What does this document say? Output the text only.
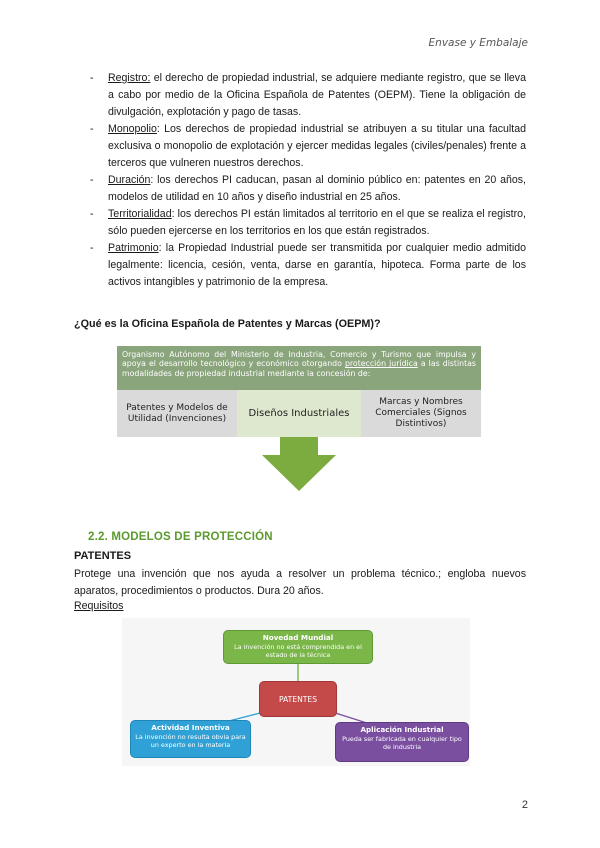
Envase y Embalaje
- Registro: el derecho de propiedad industrial, se adquiere mediante registro, que se lleva a cabo por medio de la Oficina Española de Patentes (OEPM). Tiene la obligación de divulgación, explotación y pago de tasas.
- Monopolio: Los derechos de propiedad industrial se atribuyen a su titular una facultad exclusiva o monopolio de explotación y ejercer medidas legales (civiles/penales) frente a terceros que vulneren nuestros derechos.
- Duración: los derechos PI caducan, pasan al dominio público en: patentes en 20 años, modelos de utilidad en 10 años y diseño industrial en 25 años.
- Territorialidad: los derechos PI están limitados al territorio en el que se realiza el registro, sólo pueden ejercerse en los territorios en los que están registrados.
- Patrimonio: la Propiedad Industrial puede ser transmitida por cualquier medio admitido legalmente: licencia, cesión, venta, darse en garantía, hipoteca. Forma parte de los activos intangibles y patrimonio de la empresa.
¿Qué es la Oficina Española de Patentes y Marcas (OEPM)?
Organismo Autónomo del Ministerio de Industria, Comercio y Turismo que impulsa y apoya el desarrollo tecnológico y económico otorgando protección jurídica a las distintas modalidades de propiedad industrial mediante la concesión de:
Patentes y Modelos de Utilidad (Invenciones)	Diseños Industriales
Marcas y Nombres Comerciales (Signos Distintivos)
2.2. MODELOS DE PROTECCIÓN
PATENTES
Protege una invención que nos ayuda a resolver un problema técnico.; engloba nuevos aparatos, procedimientos o productos. Dura 20 años.
Requisitos
Novedad Mundial
La invención no está comprendida en el estado de la técnica
PATENTES
Actividad Inventiva
La invención no resulta obvia para un experto en la materia
Aplicación Industrial
Pueda ser fabricada en cualquier tipo de industria
2
